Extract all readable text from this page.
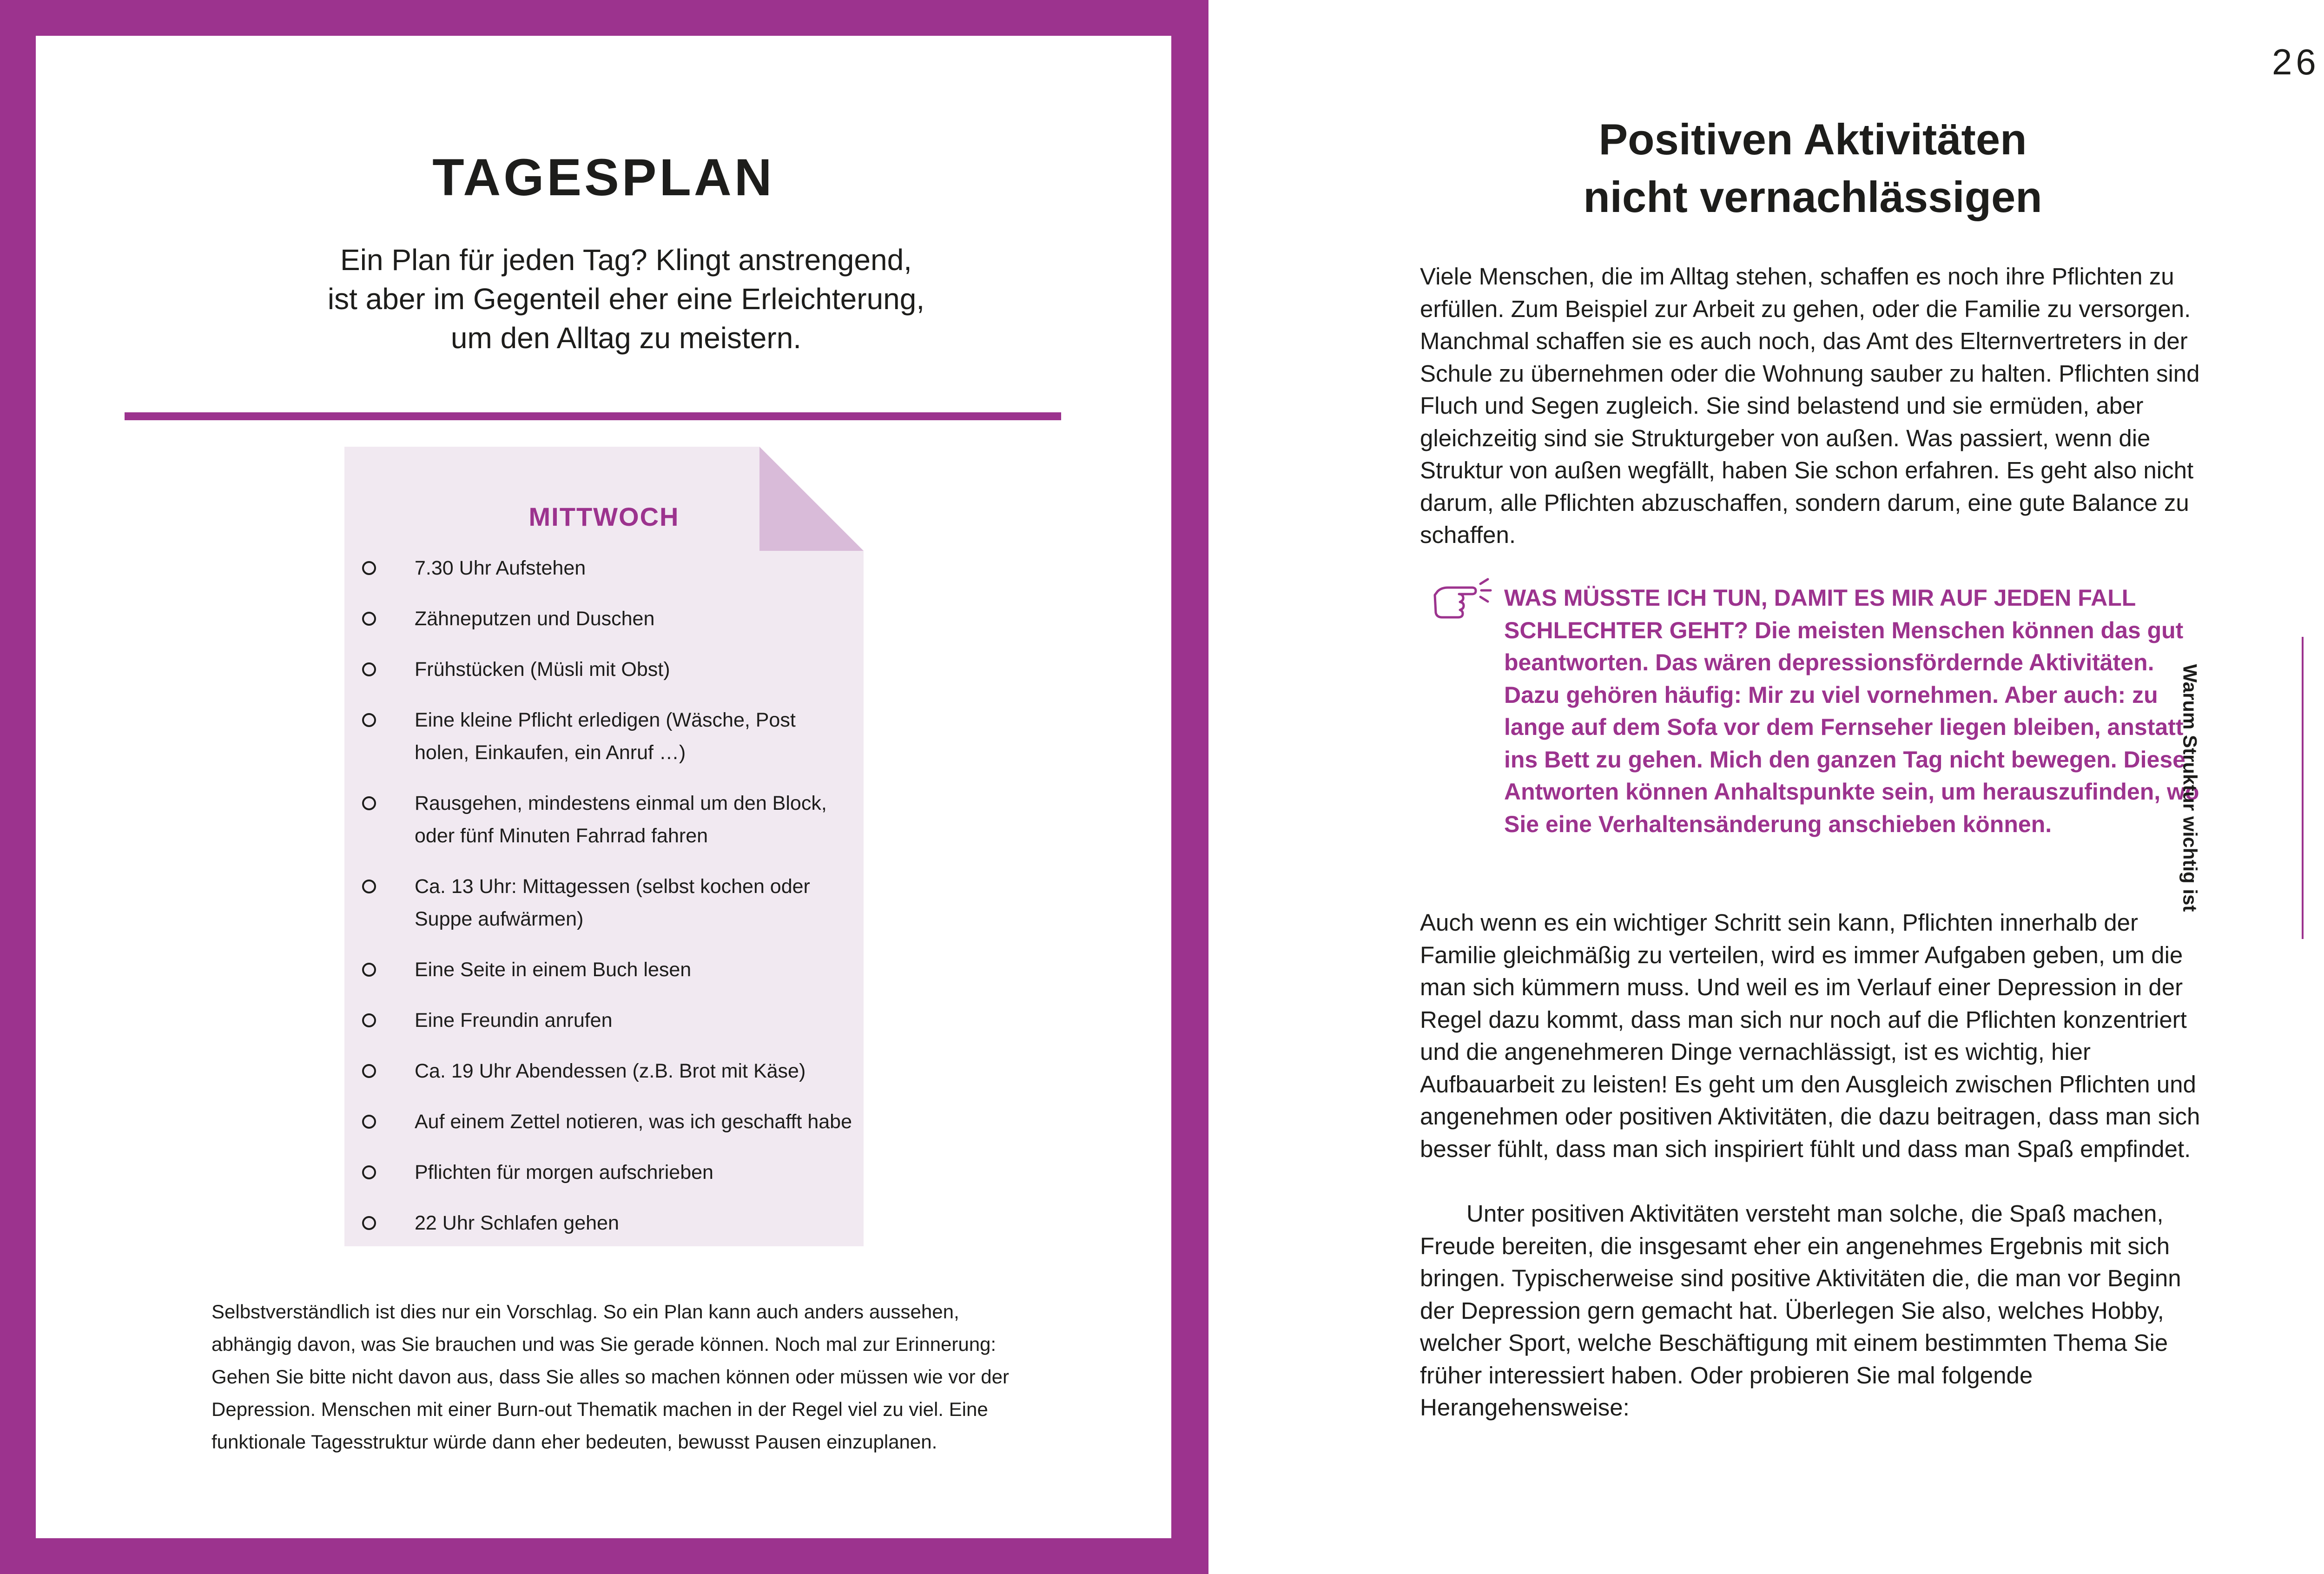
TAGESPLAN
Ein Plan für jeden Tag? Klingt anstrengend,
ist aber im Gegenteil eher eine Erleichterung,
um den Alltag zu meistern.
MITTWOCH
7.30 Uhr Aufstehen
Zähneputzen und Duschen
Frühstücken (Müsli mit Obst)
Eine kleine Pflicht erledigen (Wäsche, Post holen, Einkaufen, ein Anruf …)
Rausgehen, mindestens einmal um den Block, oder fünf Minuten Fahrrad fahren
Ca. 13 Uhr: Mittagessen (selbst kochen oder Suppe aufwärmen)
Eine Seite in einem Buch lesen
Eine Freundin anrufen
Ca. 19 Uhr Abendessen (z.B. Brot mit Käse)
Auf einem Zettel notieren, was ich geschafft habe
Pflichten für morgen aufschrieben
22 Uhr Schlafen gehen

Selbstverständlich ist dies nur ein Vorschlag. So ein Plan kann auch anders aussehen, abhängig davon, was Sie brauchen und was Sie gerade können. Noch mal zur Erinnerung: Gehen Sie bitte nicht davon aus, dass Sie alles so machen können oder müssen wie vor der Depression. Menschen mit einer Burn-out Thematik machen in der Regel viel zu viel. Eine funktionale Tagesstruktur würde dann eher bedeuten, bewusst Pausen einzuplanen.

26
Positiven Aktivitäten
nicht vernachlässigen

Viele Menschen, die im Alltag stehen, schaffen es noch ihre Pflichten zu erfüllen. Zum Beispiel zur Arbeit zu gehen, oder die Familie zu versorgen. Manchmal schaffen sie es auch noch, das Amt des Elternvertreters in der Schule zu übernehmen oder die Wohnung sauber zu halten. Pflichten sind Fluch und Segen zugleich. Sie sind belastend und sie ermüden, aber gleichzeitig sind sie Strukturgeber von außen. Was passiert, wenn die Struktur von außen wegfällt, haben Sie schon erfahren. Es geht also nicht darum, alle Pflichten abzuschaffen, sondern darum, eine gute Balance zu schaffen.

WAS MÜSSTE ICH TUN, DAMIT ES MIR AUF JEDEN FALL SCHLECHTER GEHT? Die meisten Menschen können das gut beantworten. Das wären depressionsfördernde Aktivitäten. Dazu gehören häufig: Mir zu viel vornehmen. Aber auch: zu lange auf dem Sofa vor dem Fernseher liegen bleiben, anstatt ins Bett zu gehen. Mich den ganzen Tag nicht bewegen. Diese Antworten können Anhaltspunkte sein, um herauszufinden, wo Sie eine Verhaltensänderung anschieben können.

Auch wenn es ein wichtiger Schritt sein kann, Pflichten innerhalb der Familie gleichmäßig zu verteilen, wird es immer Aufgaben geben, um die man sich kümmern muss. Und weil es im Verlauf einer Depression in der Regel dazu kommt, dass man sich nur noch auf die Pflichten konzentriert und die angenehmeren Dinge vernachlässigt, ist es wichtig, hier Aufbauarbeit zu leisten! Es geht um den Ausgleich zwischen Pflichten und angenehmen oder positiven Aktivitäten, die dazu beitragen, dass man sich besser fühlt, dass man sich inspiriert fühlt und dass man Spaß empfindet.

Unter positiven Aktivitäten versteht man solche, die Spaß machen, Freude bereiten, die insgesamt eher ein angenehmes Ergebnis mit sich bringen. Typischerweise sind positive Aktivitäten die, die man vor Beginn der Depression gern gemacht hat. Überlegen Sie also, welches Hobby, welcher Sport, welche Beschäftigung mit einem bestimmten Thema Sie früher interessiert haben. Oder probieren Sie mal folgende Herangehensweise:

Warum Struktur wichtig ist
